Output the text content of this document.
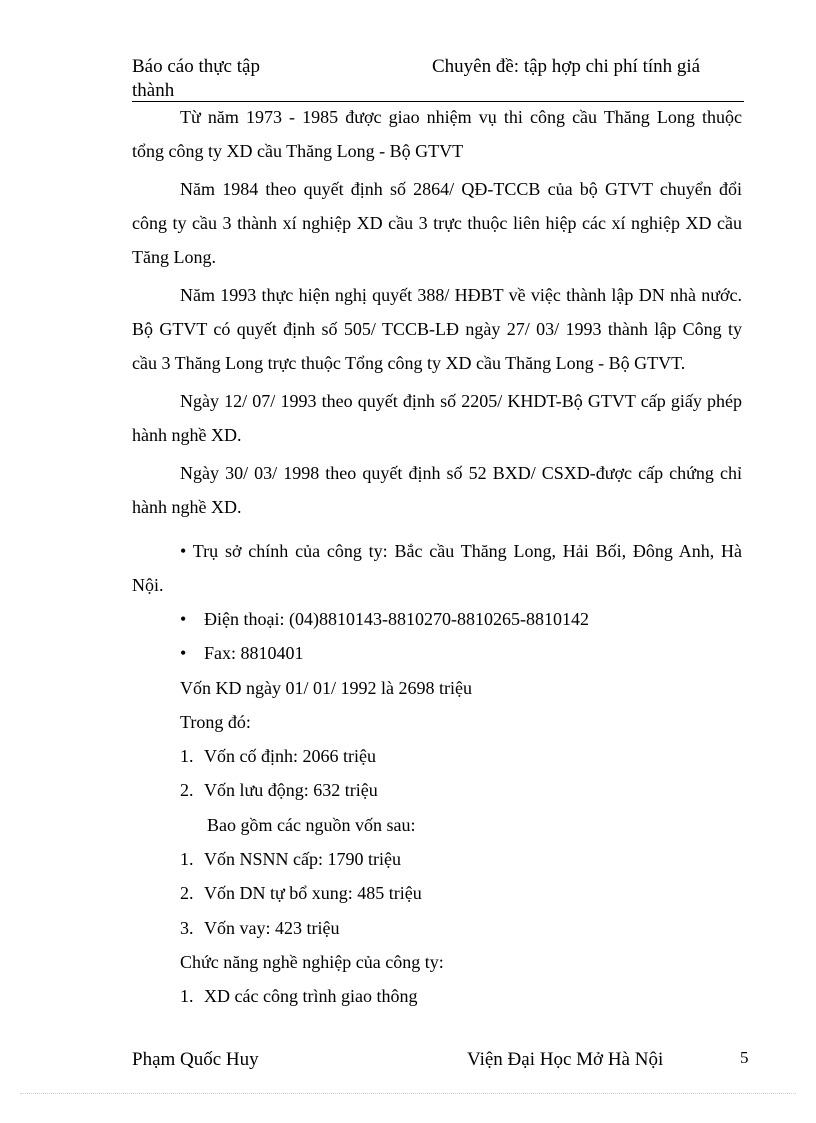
Báo cáo thực tập
thành
Chuyên đề: tập hợp chi phí tính giá

Từ năm 1973 - 1985 được giao nhiệm vụ thi công cầu Thăng Long thuộc tổng công ty XD cầu Thăng Long - Bộ GTVT

Năm 1984 theo quyết định số 2864/ QĐ-TCCB của bộ GTVT chuyển đổi công ty cầu 3 thành xí nghiệp XD cầu 3 trực thuộc liên hiệp các xí nghiệp XD cầu Tăng Long.

Năm 1993 thực hiện nghị quyết 388/ HĐBT về việc thành lập DN nhà nước. Bộ GTVT có quyết định số 505/ TCCB-LĐ ngày 27/ 03/ 1993 thành lập Công ty cầu 3 Thăng Long trực thuộc Tổng công ty XD cầu Thăng Long - Bộ GTVT.

Ngày 12/ 07/ 1993 theo quyết định số 2205/ KHDT-Bộ GTVT cấp giấy phép hành nghề XD.

Ngày 30/ 03/ 1998 theo quyết định số 52 BXD/ CSXD-được cấp chứng chỉ hành nghề XD.

• Trụ sở chính của công ty: Bắc cầu Thăng Long, Hải Bối, Đông Anh, Hà Nội.

• Điện thoại: (04)8810143-8810270-8810265-8810142

• Fax: 8810401

Vốn KD ngày 01/ 01/ 1992 là 2698 triệu

Trong đó:

1. Vốn cố định: 2066 triệu

2. Vốn lưu động: 632 triệu

Bao gồm các nguồn vốn sau:

1. Vốn NSNN cấp: 1790 triệu

2. Vốn DN tự bổ xung: 485 triệu

3. Vốn vay: 423 triệu

Chức năng nghề nghiệp của công ty:

1. XD các công trình giao thông

Phạm Quốc Huy	Viện Đại Học Mở Hà Nội	5
